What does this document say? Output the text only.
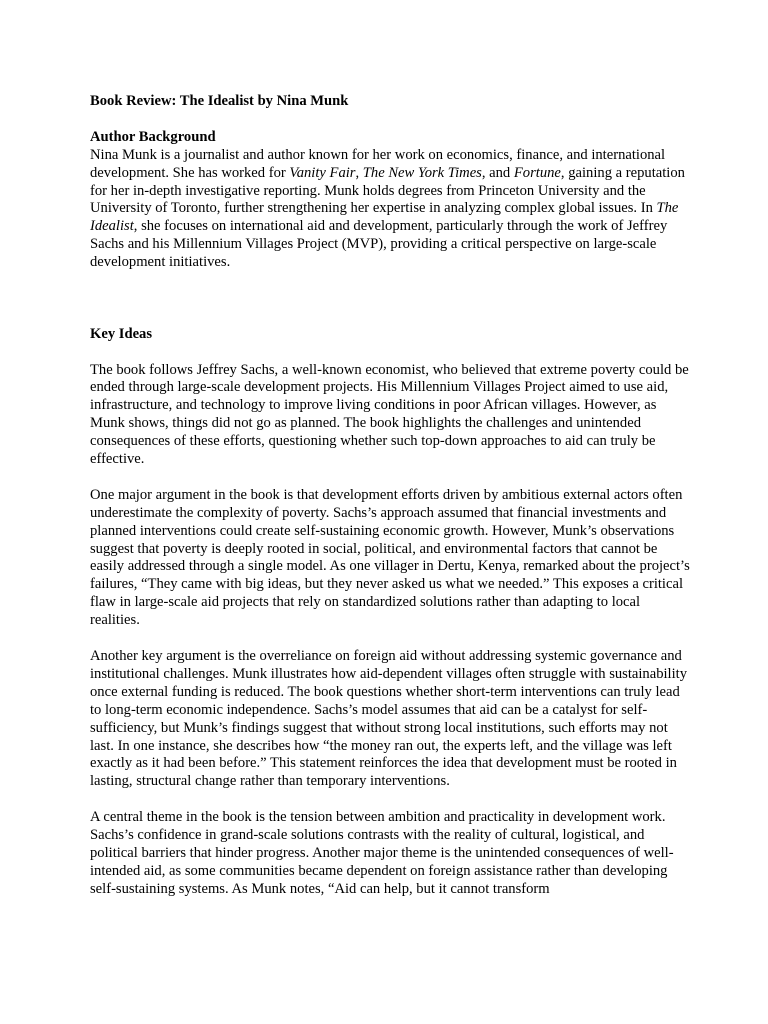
Book Review: The Idealist by Nina Munk

Author Background

Nina Munk is a journalist and author known for her work on economics, finance, and international development. She has worked for Vanity Fair, The New York Times, and Fortune, gaining a reputation for her in-depth investigative reporting. Munk holds degrees from Princeton University and the University of Toronto, further strengthening her expertise in analyzing complex global issues. In The Idealist, she focuses on international aid and development, particularly through the work of Jeffrey Sachs and his Millennium Villages Project (MVP), providing a critical perspective on large-scale development initiatives.

Key Ideas

The book follows Jeffrey Sachs, a well-known economist, who believed that extreme poverty could be ended through large-scale development projects. His Millennium Villages Project aimed to use aid, infrastructure, and technology to improve living conditions in poor African villages. However, as Munk shows, things did not go as planned. The book highlights the challenges and unintended consequences of these efforts, questioning whether such top-down approaches to aid can truly be effective.

One major argument in the book is that development efforts driven by ambitious external actors often underestimate the complexity of poverty. Sachs’s approach assumed that financial investments and planned interventions could create self-sustaining economic growth. However, Munk’s observations suggest that poverty is deeply rooted in social, political, and environmental factors that cannot be easily addressed through a single model. As one villager in Dertu, Kenya, remarked about the project’s failures, “They came with big ideas, but they never asked us what we needed.” This exposes a critical flaw in large-scale aid projects that rely on standardized solutions rather than adapting to local realities.

Another key argument is the overreliance on foreign aid without addressing systemic governance and institutional challenges. Munk illustrates how aid-dependent villages often struggle with sustainability once external funding is reduced. The book questions whether short-term interventions can truly lead to long-term economic independence. Sachs’s model assumes that aid can be a catalyst for self-sufficiency, but Munk’s findings suggest that without strong local institutions, such efforts may not last. In one instance, she describes how “the money ran out, the experts left, and the village was left exactly as it had been before.” This statement reinforces the idea that development must be rooted in lasting, structural change rather than temporary interventions.

A central theme in the book is the tension between ambition and practicality in development work. Sachs’s confidence in grand-scale solutions contrasts with the reality of cultural, logistical, and political barriers that hinder progress. Another major theme is the unintended consequences of well-intended aid, as some communities became dependent on foreign assistance rather than developing self-sustaining systems. As Munk notes, “Aid can help, but it cannot transform
